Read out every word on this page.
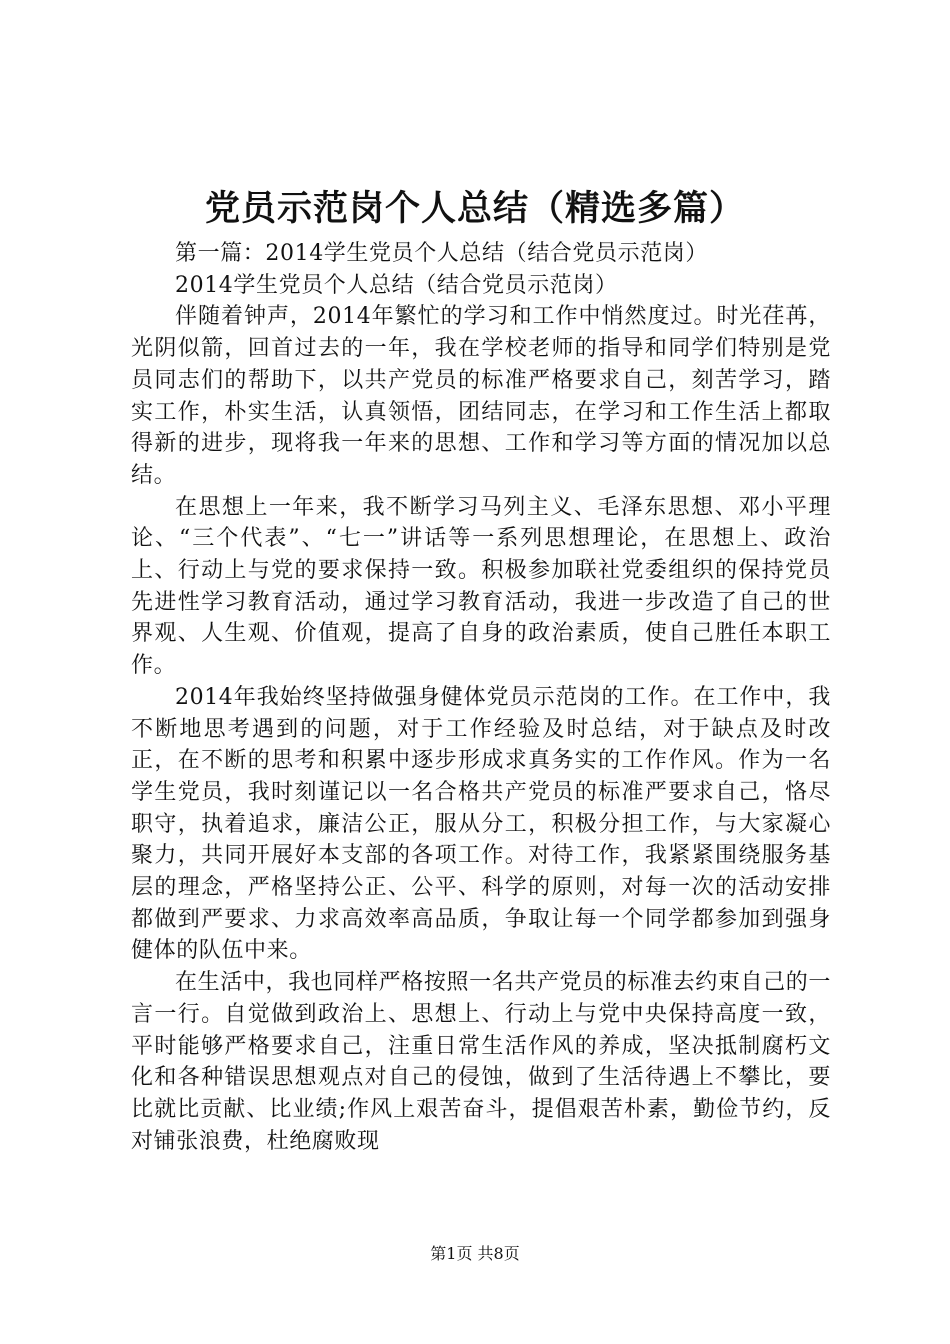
党员示范岗个人总结（精选多篇）

第一篇：2014学生党员个人总结（结合党员示范岗）

2014学生党员个人总结（结合党员示范岗）

伴随着钟声，2014年繁忙的学习和工作中悄然度过。时光荏苒，光阴似箭，回首过去的一年，我在学校老师的指导和同学们特别是党员同志们的帮助下，以共产党员的标准严格要求自己，刻苦学习，踏实工作，朴实生活，认真领悟，团结同志，在学习和工作生活上都取得新的进步，现将我一年来的思想、工作和学习等方面的情况加以总结。

在思想上一年来，我不断学习马列主义、毛泽东思想、邓小平理论、“三个代表”、“七一”讲话等一系列思想理论，在思想上、政治上、行动上与党的要求保持一致。积极参加联社党委组织的保持党员先进性学习教育活动，通过学习教育活动，我进一步改造了自己的世界观、人生观、价值观，提高了自身的政治素质，使自己胜任本职工作。

2014年我始终坚持做强身健体党员示范岗的工作。在工作中，我不断地思考遇到的问题，对于工作经验及时总结，对于缺点及时改正，在不断的思考和积累中逐步形成求真务实的工作作风。作为一名学生党员，我时刻谨记以一名合格共产党员的标准严要求自己，恪尽职守，执着追求，廉洁公正，服从分工，积极分担工作，与大家凝心聚力，共同开展好本支部的各项工作。对待工作，我紧紧围绕服务基层的理念，严格坚持公正、公平、科学的原则，对每一次的活动安排都做到严要求、力求高效率高品质，争取让每一个同学都参加到强身健体的队伍中来。

在生活中，我也同样严格按照一名共产党员的标准去约束自己的一言一行。自觉做到政治上、思想上、行动上与党中央保持高度一致，平时能够严格要求自己，注重日常生活作风的养成，坚决抵制腐朽文化和各种错误思想观点对自己的侵蚀，做到了生活待遇上不攀比，要比就比贡献、比业绩;作风上艰苦奋斗，提倡艰苦朴素，勤俭节约，反对铺张浪费，杜绝腐败现

第1页 共8页
